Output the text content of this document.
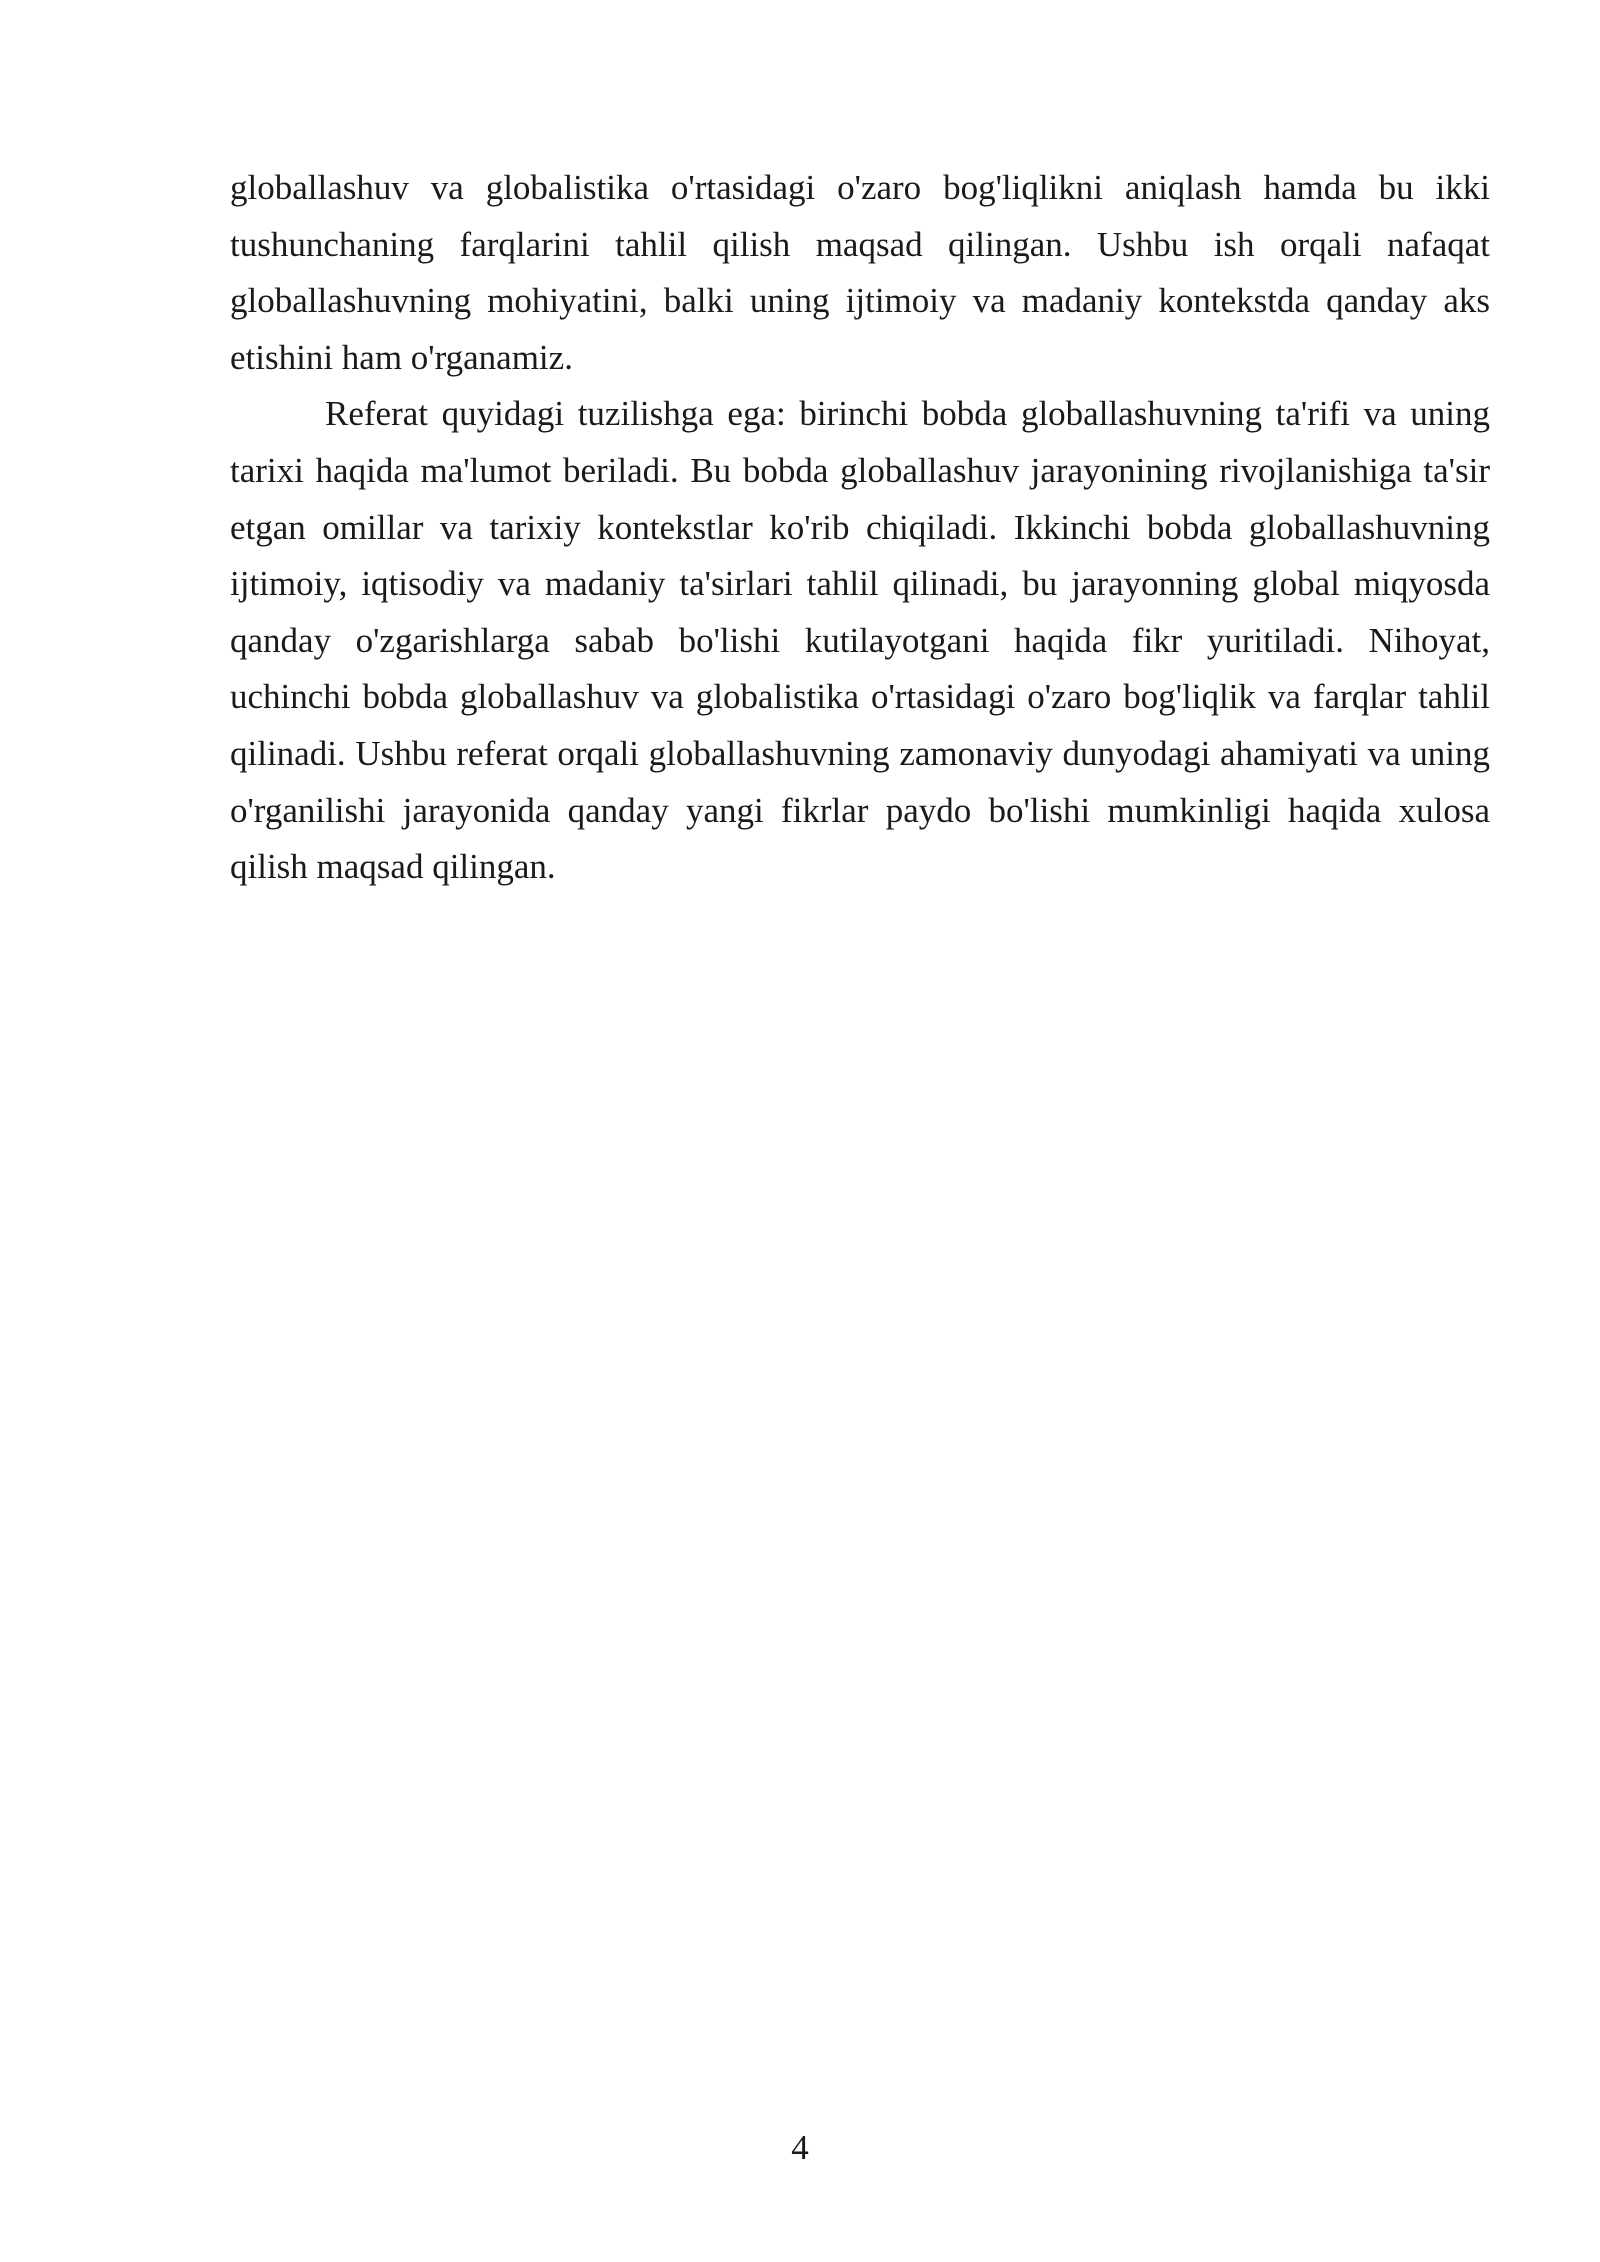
globallashuv va globalistika o'rtasidagi o'zaro bog'liqlikni aniqlash hamda bu ikki tushunchaning farqlarini tahlil qilish maqsad qilingan. Ushbu ish orqali nafaqat globallashuvning mohiyatini, balki uning ijtimoiy va madaniy kontekstda qanday aks etishini ham o'rganamiz.

Referat quyidagi tuzilishga ega: birinchi bobda globallashuvning ta'rifi va uning tarixi haqida ma'lumot beriladi. Bu bobda globallashuv jarayonining rivojlanishiga ta'sir etgan omillar va tarixiy kontekstlar ko'rib chiqiladi. Ikkinchi bobda globallashuvning ijtimoiy, iqtisodiy va madaniy ta'sirlari tahlil qilinadi, bu jarayonning global miqyosda qanday o'zgarishlarga sabab bo'lishi kutilayotgani haqida fikr yuritiladi. Nihoyat, uchinchi bobda globallashuv va globalistika o'rtasidagi o'zaro bog'liqlik va farqlar tahlil qilinadi. Ushbu referat orqali globallashuvning zamonaviy dunyodagi ahamiyati va uning o'rganilishi jarayonida qanday yangi fikrlar paydo bo'lishi mumkinligi haqida xulosa qilish maqsad qilingan.

4
